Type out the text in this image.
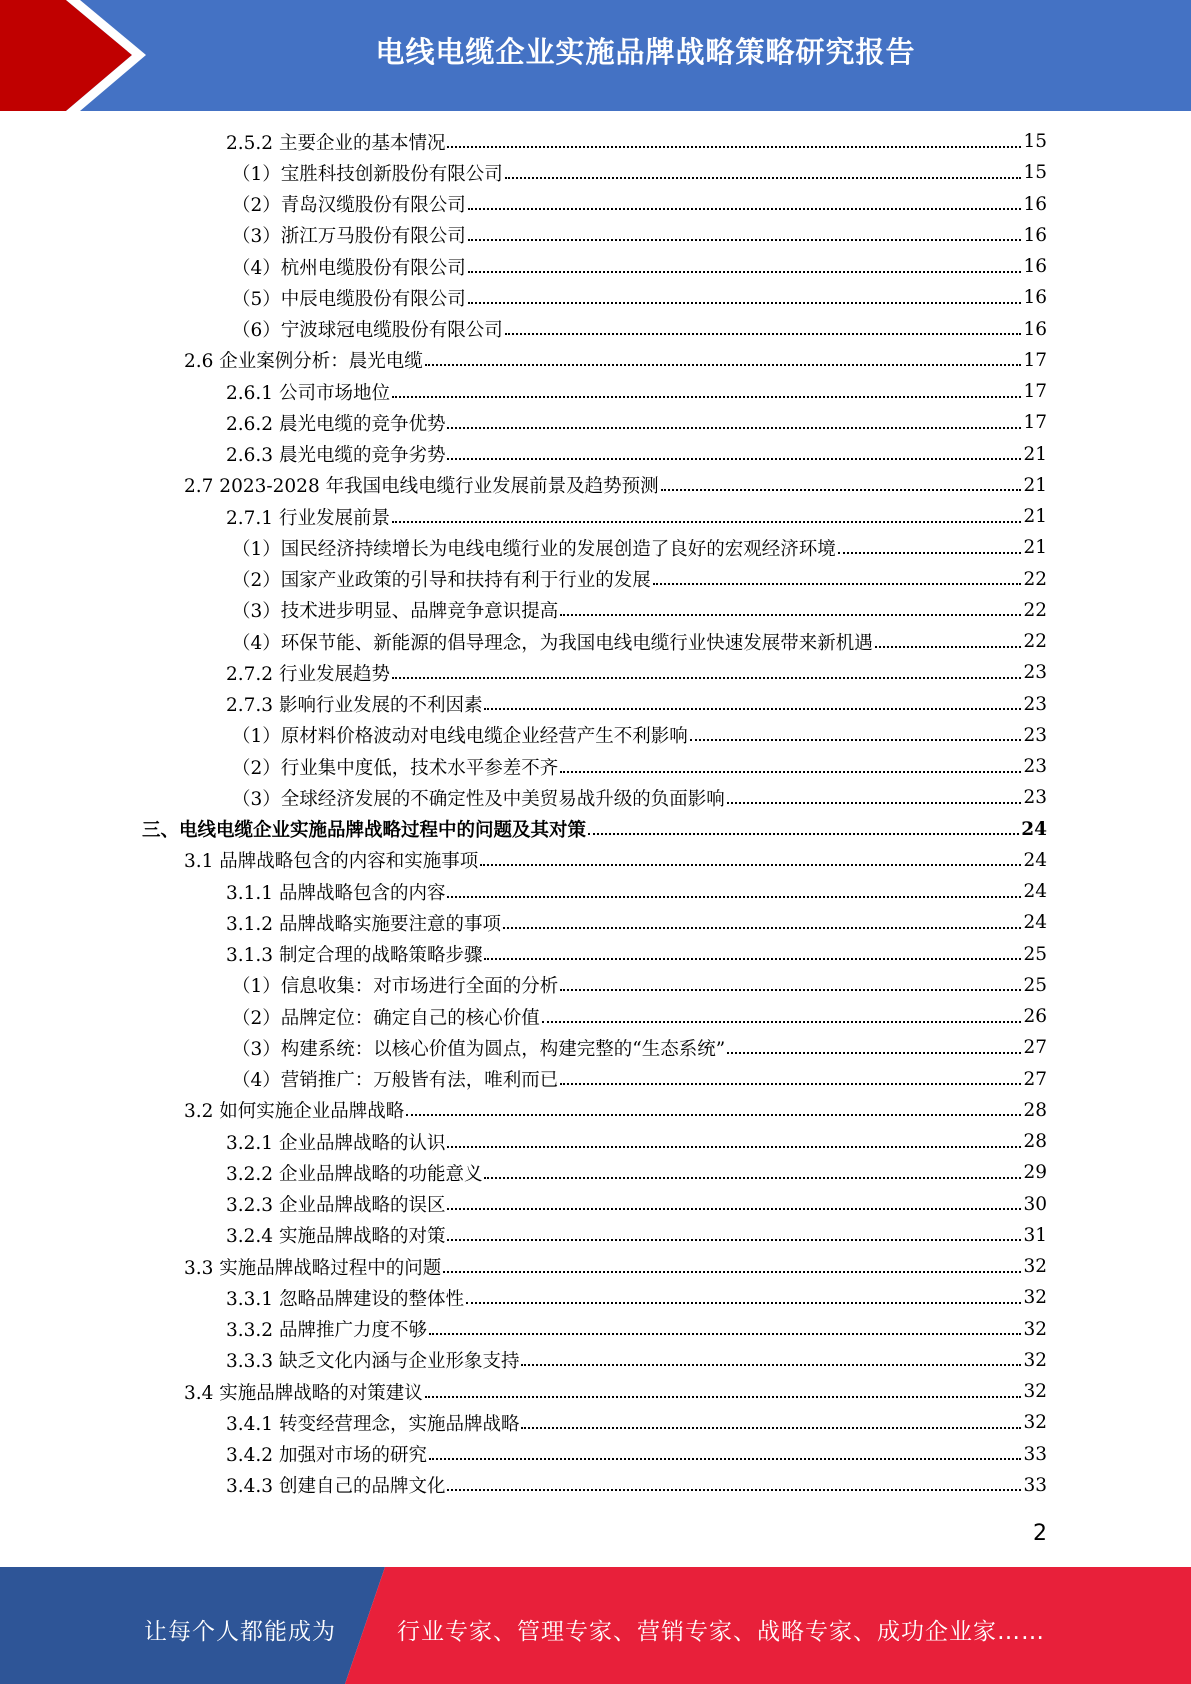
电线电缆企业实施品牌战略策略研究报告
2.5.2 主要企业的基本情况	15
（1）宝胜科技创新股份有限公司	15
（2）青岛汉缆股份有限公司	16
（3）浙江万马股份有限公司	16
（4）杭州电缆股份有限公司	16
（5）中辰电缆股份有限公司	16
（6）宁波球冠电缆股份有限公司	16
2.6 企业案例分析：晨光电缆	17
2.6.1 公司市场地位	17
2.6.2 晨光电缆的竞争优势	17
2.6.3 晨光电缆的竞争劣势	21
2.7 2023-2028 年我国电线电缆行业发展前景及趋势预测	21
2.7.1 行业发展前景	21
（1）国民经济持续增长为电线电缆行业的发展创造了良好的宏观经济环境	21
（2）国家产业政策的引导和扶持有利于行业的发展	22
（3）技术进步明显、品牌竞争意识提高	22
（4）环保节能、新能源的倡导理念，为我国电线电缆行业快速发展带来新机遇	22
2.7.2 行业发展趋势	23
2.7.3 影响行业发展的不利因素	23
（1）原材料价格波动对电线电缆企业经营产生不利影响	23
（2）行业集中度低，技术水平参差不齐	23
（3）全球经济发展的不确定性及中美贸易战升级的负面影响	23
三、电线电缆企业实施品牌战略过程中的问题及其对策	24
3.1 品牌战略包含的内容和实施事项	24
3.1.1 品牌战略包含的内容	24
3.1.2 品牌战略实施要注意的事项	24
3.1.3 制定合理的战略策略步骤	25
（1）信息收集：对市场进行全面的分析	25
（2）品牌定位：确定自己的核心价值	26
（3）构建系统：以核心价值为圆点，构建完整的“生态系统”	27
（4）营销推广：万般皆有法，唯利而已	27
3.2 如何实施企业品牌战略	28
3.2.1 企业品牌战略的认识	28
3.2.2 企业品牌战略的功能意义	29
3.2.3 企业品牌战略的误区	30
3.2.4 实施品牌战略的对策	31
3.3 实施品牌战略过程中的问题	32
3.3.1 忽略品牌建设的整体性	32
3.3.2 品牌推广力度不够	32
3.3.3 缺乏文化内涵与企业形象支持	32
3.4 实施品牌战略的对策建议	32
3.4.1 转变经营理念，实施品牌战略	32
3.4.2 加强对市场的研究	33
3.4.3 创建自己的品牌文化	33
2
让每个人都能成为	行业专家、管理专家、营销专家、战略专家、成功企业家……
